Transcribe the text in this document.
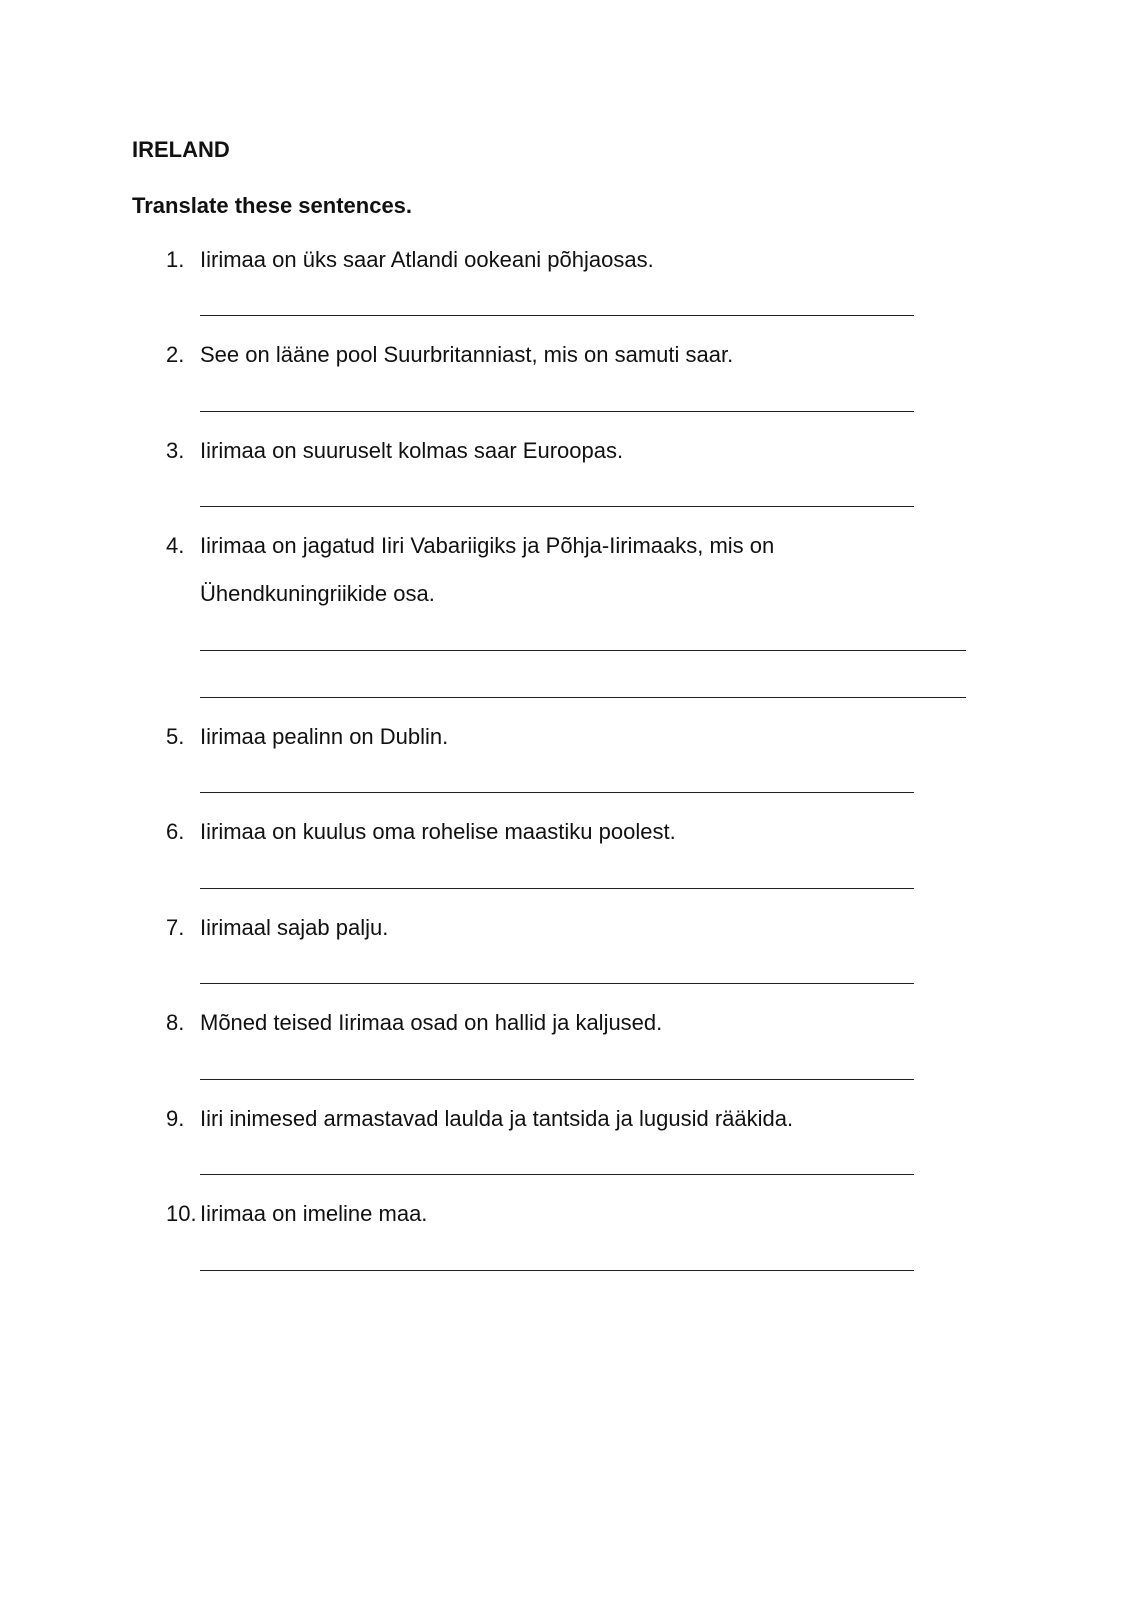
IRELAND
Translate these sentences.
1. Iirimaa on üks saar Atlandi ookeani põhjaosas.
2. See on lääne pool Suurbritanniast, mis on samuti saar.
3. Iirimaa on suuruselt kolmas saar Euroopas.
4. Iirimaa on jagatud Iiri Vabariigiks ja Põhja-Iirimaaks, mis on
Ühendkuningriikide osa.
5. Iirimaa pealinn on Dublin.
6. Iirimaa on kuulus oma rohelise maastiku poolest.
7. Iirimaal sajab palju.
8. Mõned teised Iirimaa osad on hallid ja kaljused.
9. Iiri inimesed armastavad laulda ja tantsida ja lugusid rääkida.
10. Iirimaa on imeline maa.
